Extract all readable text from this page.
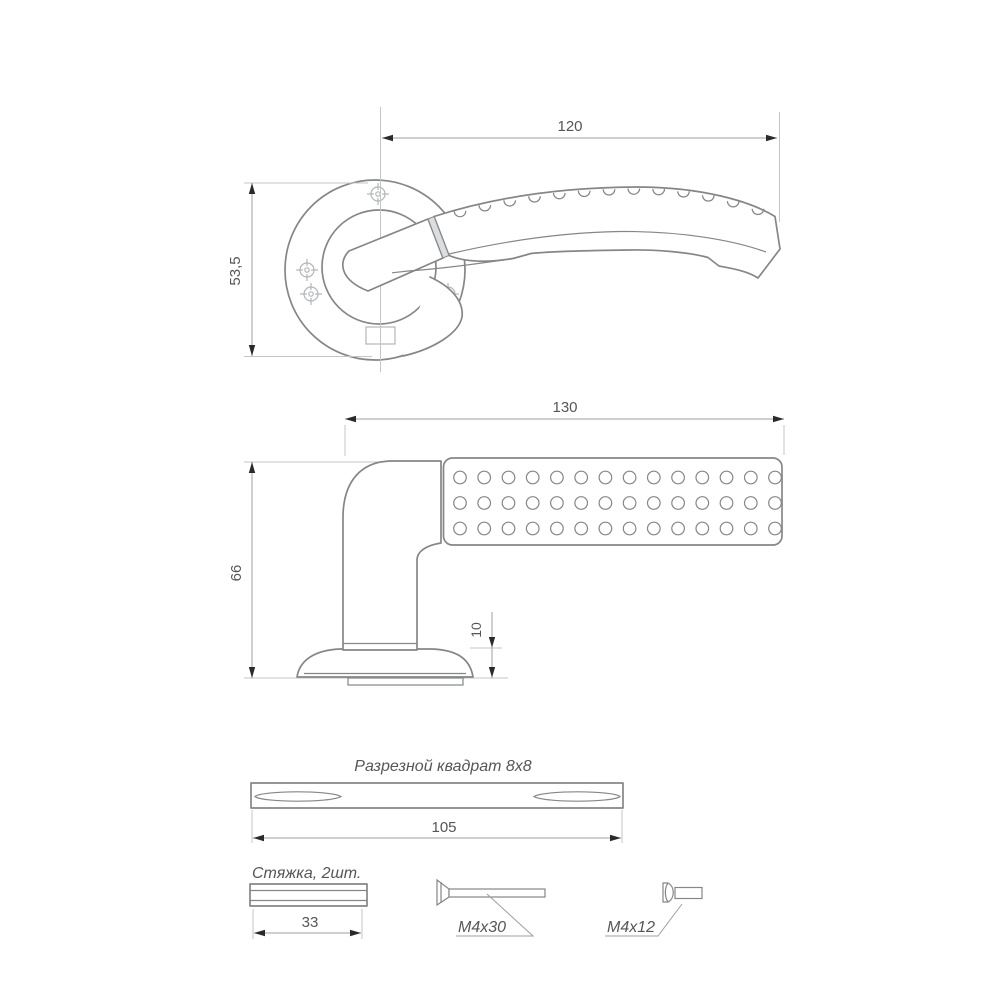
120
53,5
130
66
10
Разрезной квадрат 8x8
105
Стяжка, 2шт.
33	M4x30	M4x12
